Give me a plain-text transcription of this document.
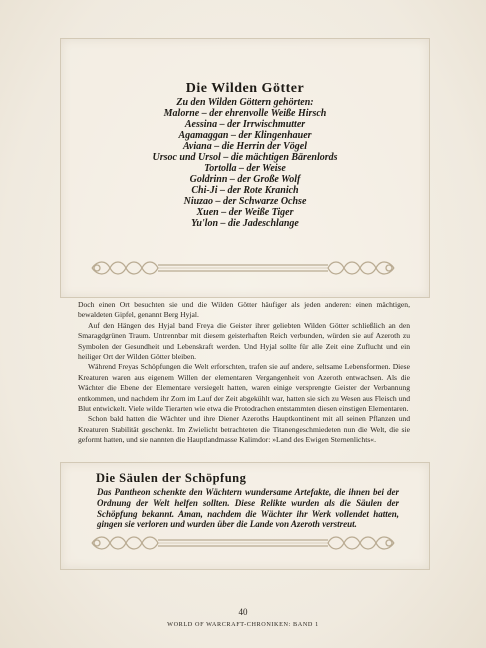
Die Wilden Götter
Zu den Wilden Göttern gehörten:
Malorne – der ehrenvolle Weiße Hirsch
Aessina – der Irrwischmutter
Agamaggan – der Klingenhauer
Aviana – die Herrin der Vögel
Ursoc und Ursol – die mächtigen Bärenlords
Tortolla – der Weise
Goldrinn – der Große Wolf
Chi-Ji – der Rote Kranich
Niuzao – der Schwarze Ochse
Xuen – der Weiße Tiger
Yu'lon – die Jadeschlange

Doch einen Ort besuchten sie und die Wilden Götter häufiger als jeden anderen: einen mächtigen, bewaldeten Gipfel, genannt Berg Hyjal.

Auf den Hängen des Hyjal band Freya die Geister ihrer geliebten Wilden Götter schließlich an den Smaragdgrünen Traum. Untrennbar mit diesem geisterhaften Reich verbunden, würden sie auf Azeroth zu Symbolen der Gesundheit und Lebenskraft werden. Und Hyjal sollte für alle Zeit eine Zuflucht und ein heiliger Ort der Wilden Götter bleiben.

Während Freyas Schöpfungen die Welt erforschten, trafen sie auf andere, seltsame Lebensformen. Diese Kreaturen waren aus eigenem Willen der elementaren Vergangenheit von Azeroth entwachsen. Als die Wächter die Ebene der Elementare versiegelt hatten, waren einige versprengte Geister der Verbannung entkommen, und nachdem ihr Zorn im Lauf der Zeit abgekühlt war, hatten sie sich zu Wesen aus Fleisch und Blut entwickelt. Viele wilde Tierarten wie etwa die Protodrachen entstammten diesen einstigen Elementaren.

Schon bald hatten die Wächter und ihre Diener Azeroths Hauptkontinent mit all seinen Pflanzen und Kreaturen Stabilität geschenkt. Im Zwielicht betrachteten die Titanengeschmiedeten nun die Welt, die sie geformt hatten, und sie nannten die Hauptlandmasse Kalimdor: »Land des Ewigen Sternenlichts«.

Die Säulen der Schöpfung
Das Pantheon schenkte den Wächtern wundersame Artefakte, die ihnen bei der Ordnung der Welt helfen sollten. Diese Relikte wurden als die Säulen der Schöpfung bekannt. Aman, nachdem die Wächter ihr Werk vollendet hatten, gingen sie verloren und wurden über die Lande von Azeroth verstreut.
40
WORLD OF WARCRAFT-CHRONIKEN: BAND 1
